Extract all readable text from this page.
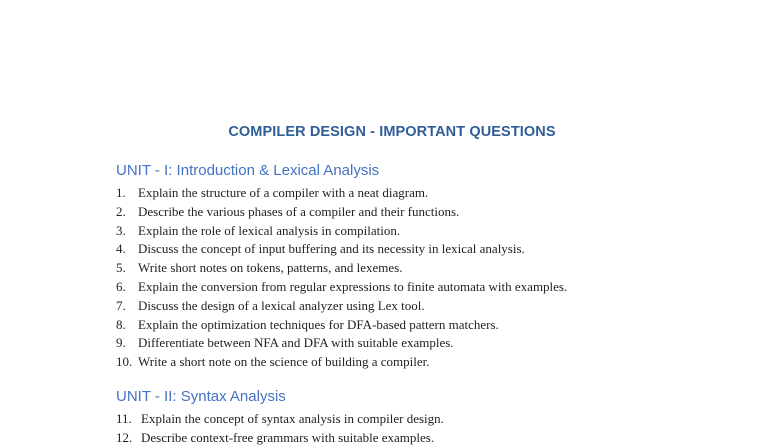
COMPILER DESIGN - IMPORTANT QUESTIONS
UNIT - I: Introduction & Lexical Analysis
1. Explain the structure of a compiler with a neat diagram.
2. Describe the various phases of a compiler and their functions.
3. Explain the role of lexical analysis in compilation.
4. Discuss the concept of input buffering and its necessity in lexical analysis.
5. Write short notes on tokens, patterns, and lexemes.
6. Explain the conversion from regular expressions to finite automata with examples.
7. Discuss the design of a lexical analyzer using Lex tool.
8. Explain the optimization techniques for DFA-based pattern matchers.
9. Differentiate between NFA and DFA with suitable examples.
10. Write a short note on the science of building a compiler.
UNIT - II: Syntax Analysis
11. Explain the concept of syntax analysis in compiler design.
12. Describe context-free grammars with suitable examples.
